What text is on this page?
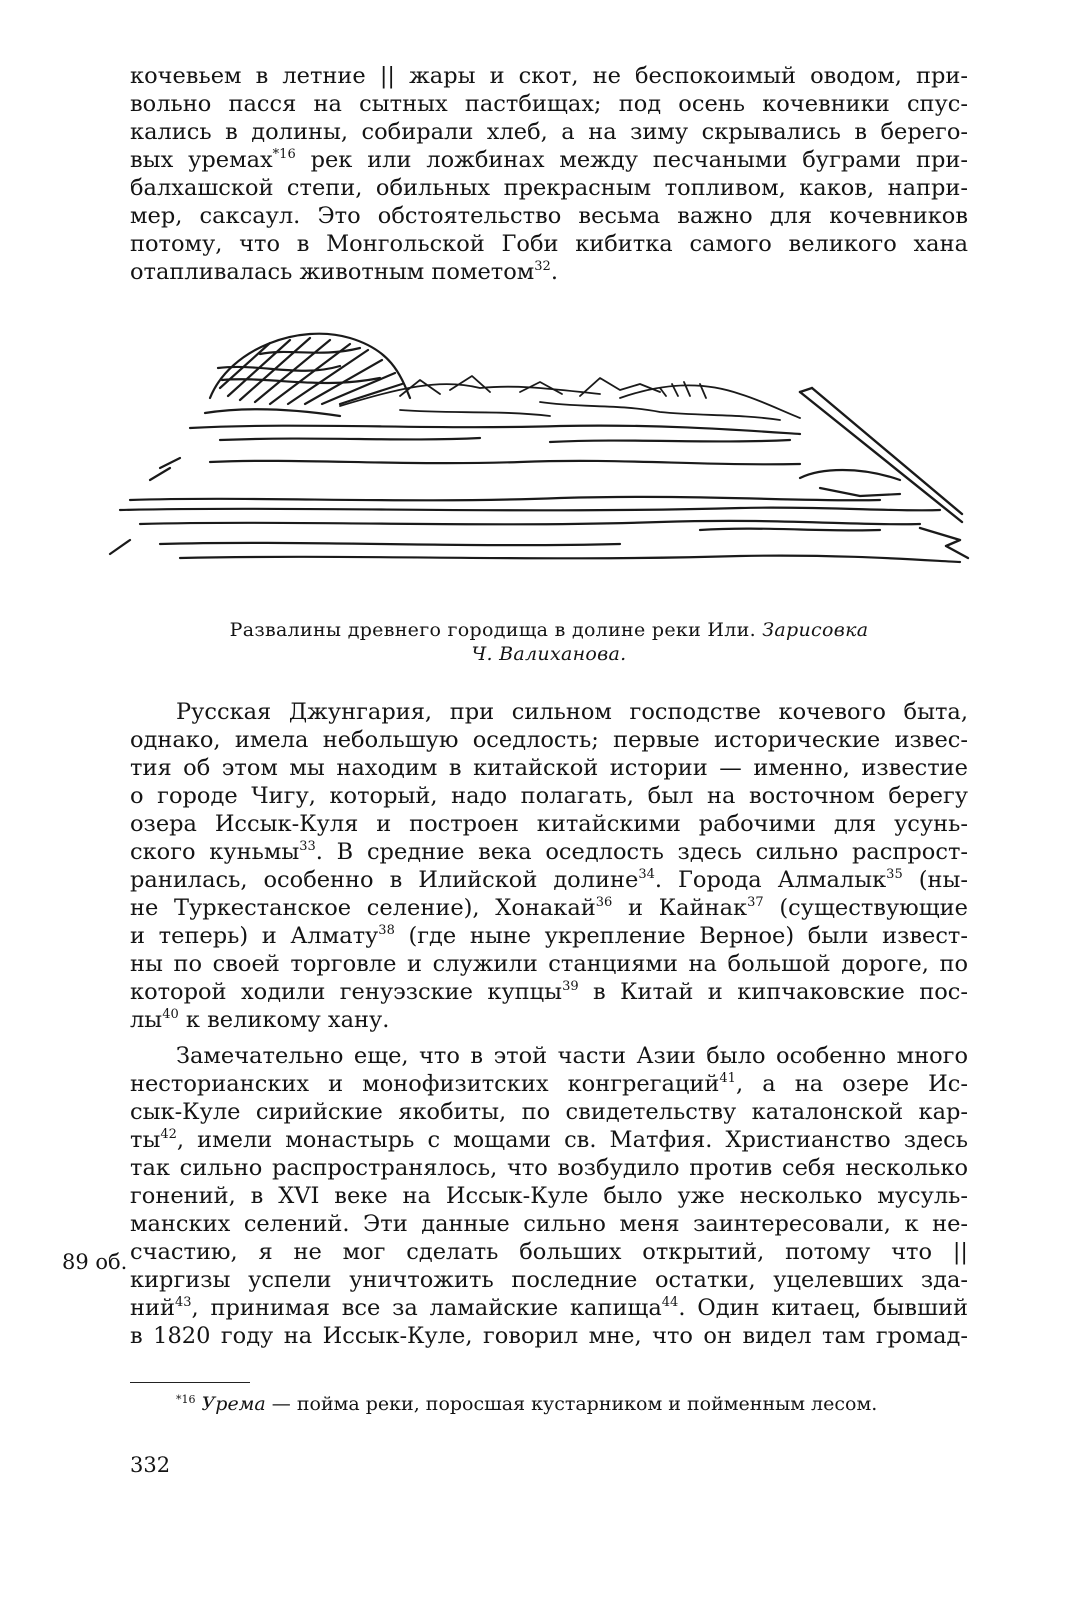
кочевьем в летние || жары и скот, не беспокоимый оводом, при-
вольно пасся на сытных пастбищах; под осень кочевники спус-
кались в долины, собирали хлеб, а на зиму скрывались в берего-
вых уремах$^{*16}$ рек или ложбинах между песчаными буграми при-
балхашской степи, обильных прекрасным топливом, каков, напри-
мер, саксаул. Это обстоятельство весьма важно для кочевников
потому, что в Монгольской Гоби кибитка самого великого хана
отапливалась животным пометом$^{32}$.
Развалины древнего городища в долине реки Или. Зарисовка
Ч. Валиханова.
Русская Джунгария, при сильном господстве кочевого быта,
однако, имела небольшую оседлость; первые исторические извес-
тия об этом мы находим в китайской истории — именно, известие
о городе Чигу, который, надо полагать, был на восточном берегу
озера Иссык-Куля и построен китайскими рабочими для усунь-
ского куньмы$^{33}$. В средние века оседлость здесь сильно распрост-
ранилась, особенно в Илийской долине$^{34}$. Города Алмалык$^{35}$ (ны-
не Туркестанское селение), Хонакай$^{36}$ и Кайнак$^{37}$ (существующие
и теперь) и Алмату$^{38}$ (где ныне укрепление Верное) были извест-
ны по своей торговле и служили станциями на большой дороге, по
которой ходили генуэзские купцы$^{39}$ в Китай и кипчаковские пос-
$лы^{40}$ к великому хану.
Замечательно еще, что в этой части Азии было особенно много
несторианских и монофизитских конгрегаций$^{41}$, а на озере Ис-
сык-Куле сирийские якобиты, по свидетельству каталонской кар-
$ты^{42}$, имели монастырь с мощами св. Матфия. Христианство здесь
так сильно распространялось, что возбудило против себя несколько
гонений, в XVI веке на Иссык-Куле было уже несколько мусуль-
манских селений. Эти данные сильно меня заинтересовали, к не-
счастию, я не мог сделать больших открытий, потому что ||
киргизы успели уничтожить последние остатки, уцелевших зда-
ний$^{43}$, принимая все за ламайские капища$^{44}$. Один китаец, бывший
в 1820 году на Иссык-Куле, говорил мне, что он видел там громад-
89 об.
$^{*16}$ Урема — пойма реки, поросшая кустарником и пойменным лесом.
332
